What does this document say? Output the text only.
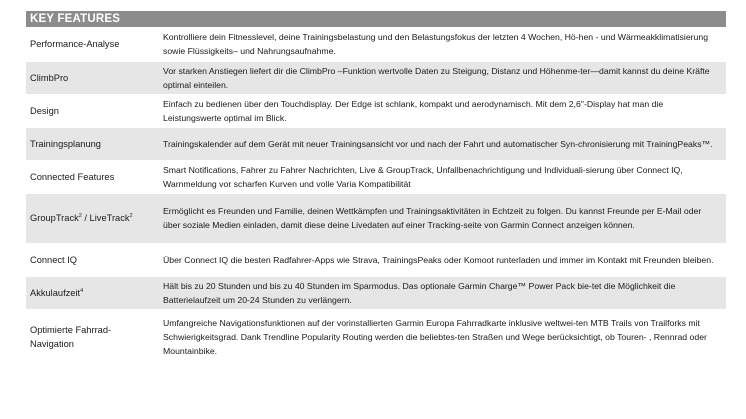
KEY FEATURES
Performance-Analyse	Kontrolliere dein Fitnesslevel, deine Trainingsbelastung und den Belastungsfokus der letzten 4 Wochen, Hö-hen - und Wärmeakklimatisierung sowie Flüssigkeits– und Nahrungsaufnahme.
ClimbPro	Vor starken Anstiegen liefert dir die ClimbPro –Funktion wertvolle Daten zu Steigung, Distanz und Höhenme-ter—damit kannst du deine Kräfte optimal einteilen.
Design	Einfach zu bedienen über den Touchdisplay. Der Edge ist schlank, kompakt und aerodynamisch. Mit dem 2,6"-Display hat man die Leistungswerte optimal im Blick.
Trainingsplanung	Trainingskalender auf dem Gerät mit neuer Trainingsansicht vor und nach der Fahrt und automatischer Syn-chronisierung mit TrainingPeaks™.
Connected Features	Smart Notifications, Fahrer zu Fahrer Nachrichten, Live & GroupTrack, Unfallbenachrichtigung und Individuali-sierung über Connect IQ, Warnmeldung vor scharfen Kurven und volle Varia Kompatibilität
GroupTrack$^2$ / LiveTrack$^2$	Ermöglicht es Freunden und Familie, deinen Wettkämpfen und Trainingsaktivitäten in Echtzeit zu folgen. Du kannst Freunde per E-Mail oder über soziale Medien einladen, damit diese deine Livedaten auf einer Tracking-seite von Garmin Connect anzeigen können.
Connect IQ	Über Connect IQ die besten Radfahrer-Apps wie Strava, TrainingsPeaks oder Komoot runterladen und immer im Kontakt mit Freunden bleiben.
Akkulaufzeit$^4$	Hält bis zu 20 Stunden und bis zu 40 Stunden im Sparmodus. Das optionale Garmin Charge™ Power Pack bie-tet die Möglichkeit die Batterielaufzeit um 20-24 Stunden zu verlängern.
Optimierte Fahrrad-Navigation	Umfangreiche Navigationsfunktionen auf der vorinstallierten Garmin Europa Fahrradkarte inklusive weltwei-ten MTB Trails von Trailforks mit Schwierigkeitsgrad. Dank Trendline Popularity Routing werden die beliebtes-ten Straßen und Wege berücksichtigt, ob Touren- , Rennrad oder Mountainbike.
